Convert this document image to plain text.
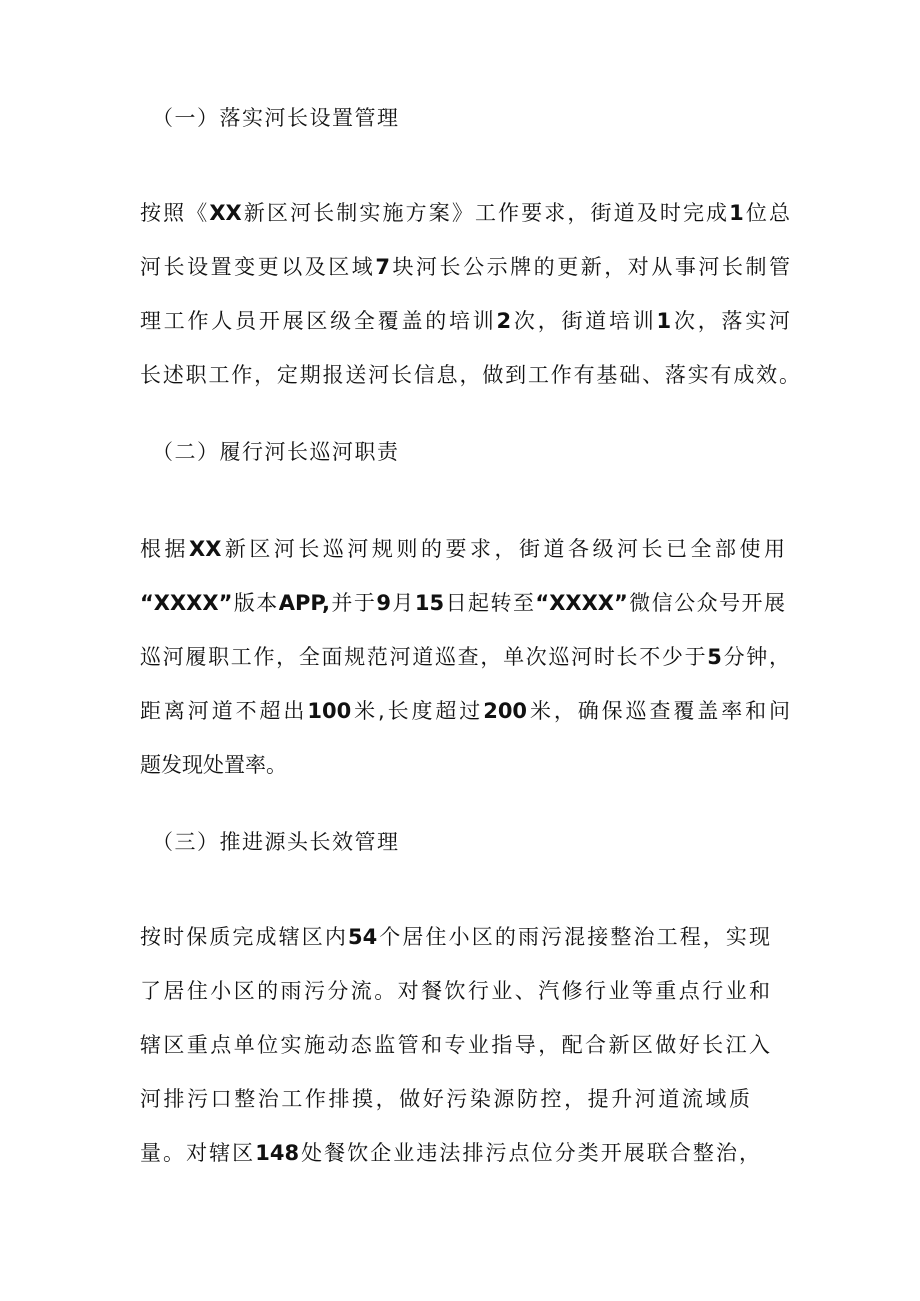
（一）落实河长设置管理
按照《XX新区河长制实施方案》工作要求，街道及时完成1位总
河长设置变更以及区域7块河长公示牌的更新，对从事河长制管
理工作人员开展区级全覆盖的培训2次，街道培训1次，落实河
长述职工作，定期报送河长信息，做到工作有基础、落实有成效。
（二）履行河长巡河职责
根据XX新区河长巡河规则的要求，街道各级河长已全部使用
“XXXX”版本APP,并于9月15日起转至“XXXX”微信公众号开展
巡河履职工作，全面规范河道巡查，单次巡河时长不少于5分钟，
距离河道不超出100米,长度超过200米，确保巡查覆盖率和问
题发现处置率。
（三）推进源头长效管理
按时保质完成辖区内54个居住小区的雨污混接整治工程，实现
了居住小区的雨污分流。对餐饮行业、汽修行业等重点行业和
辖区重点单位实施动态监管和专业指导，配合新区做好长江入
河排污口整治工作排摸，做好污染源防控，提升河道流域质
量。对辖区148处餐饮企业违法排污点位分类开展联合整治，
